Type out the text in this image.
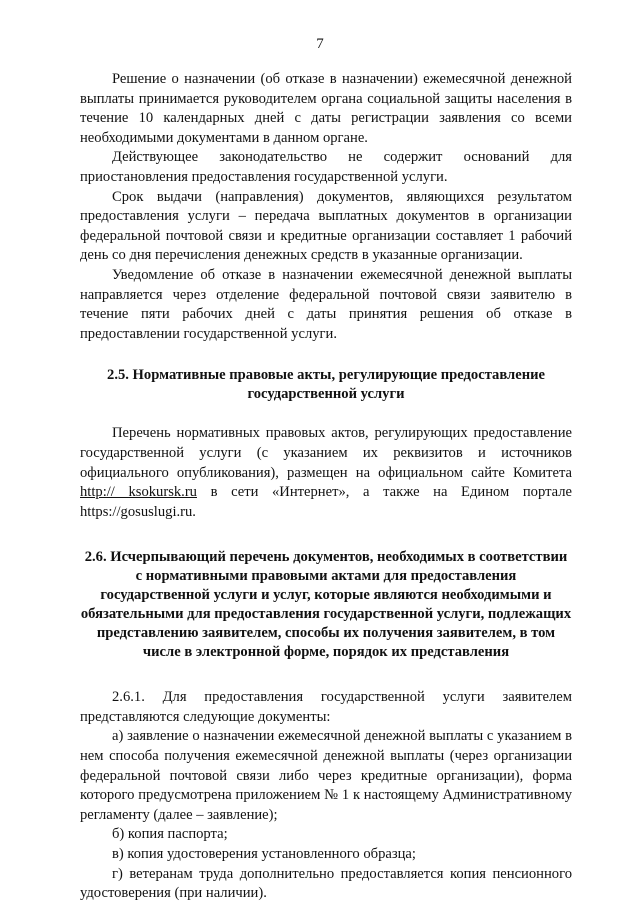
7

Решение о назначении (об отказе в назначении) ежемесячной денежной выплаты принимается руководителем органа социальной защиты населения в течение 10 календарных дней с даты регистрации заявления со всеми необходимыми документами в данном органе.

Действующее законодательство не содержит оснований для приостановления предоставления государственной услуги.

Срок выдачи (направления) документов, являющихся результатом предоставления услуги – передача выплатных документов в организации федеральной почтовой связи и кредитные организации составляет 1 рабочий день со дня перечисления денежных средств в указанные организации.

Уведомление об отказе в назначении ежемесячной денежной выплаты направляется через отделение федеральной почтовой связи заявителю в течение пяти рабочих дней с даты принятия решения об отказе в предоставлении государственной услуги.

2.5. Нормативные правовые акты, регулирующие предоставление государственной услуги

Перечень нормативных правовых актов, регулирующих предоставление государственной услуги (с указанием их реквизитов и источников официального опубликования), размещен на официальном сайте Комитета http:// ksokursk.ru в сети «Интернет», а также на Едином портале https://gosuslugi.ru.

2.6. Исчерпывающий перечень документов, необходимых в соответствии с нормативными правовыми актами для предоставления государственной услуги и услуг, которые являются необходимыми и обязательными для предоставления государственной услуги, подлежащих представлению заявителем, способы их получения заявителем, в том числе в электронной форме, порядок их представления

2.6.1. Для предоставления государственной услуги заявителем представляются следующие документы:

а) заявление о назначении ежемесячной денежной выплаты с указанием в нем способа получения ежемесячной денежной выплаты (через организации федеральной почтовой связи либо через кредитные организации), форма которого предусмотрена приложением № 1 к настоящему Административному регламенту (далее – заявление);

б) копия паспорта;

в) копия удостоверения установленного образца;

г) ветеранам труда дополнительно предоставляется копия пенсионного удостоверения (при наличии).
